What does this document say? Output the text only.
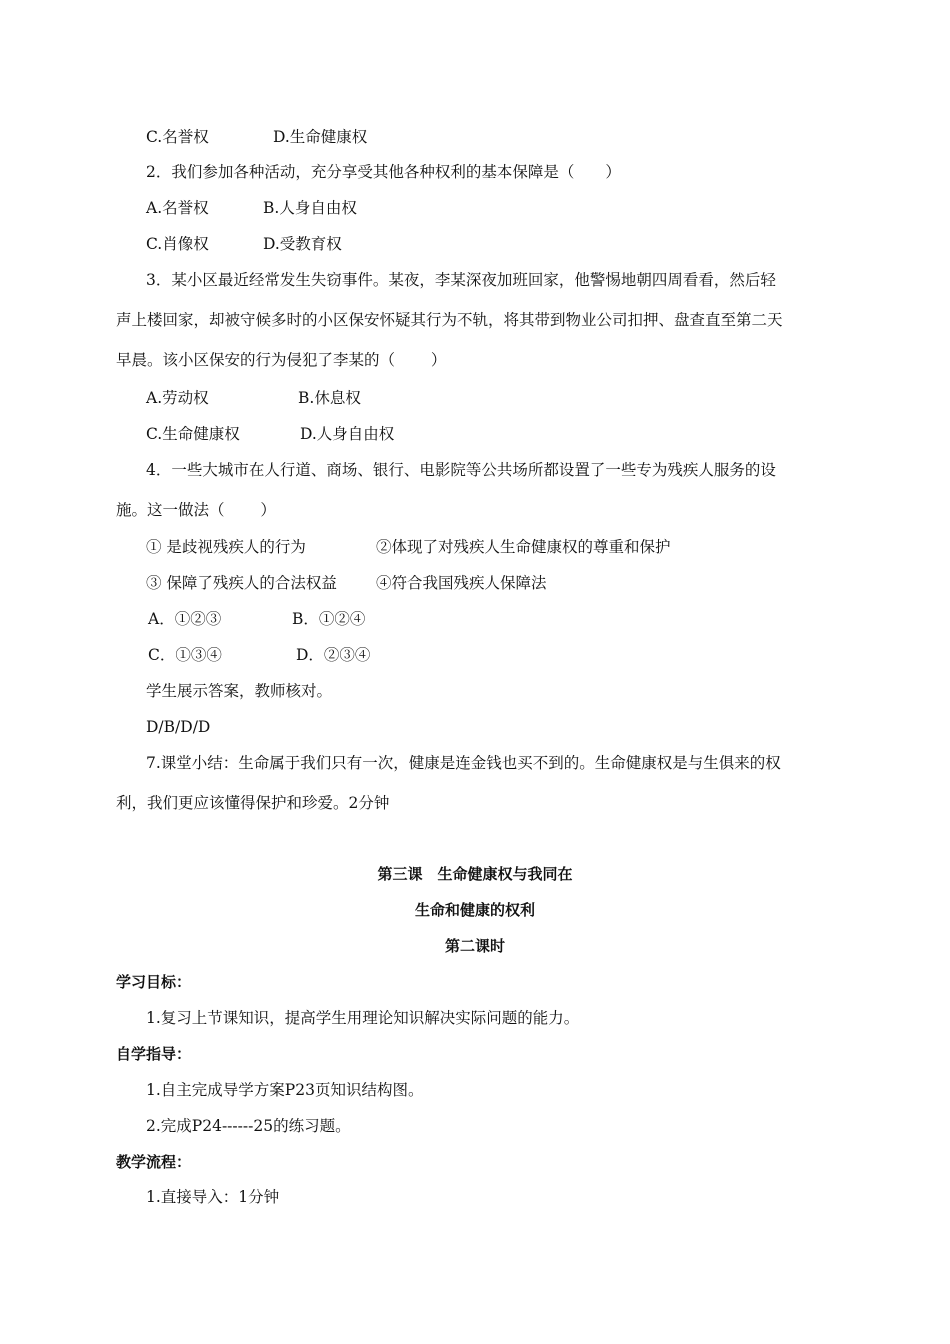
C.名誉权	D.生命健康权
2．我们参加各种活动，充分享受其他各种权利的基本保障是（　　）
A.名誉权	B.人身自由权
C.肖像权	D.受教育权
3．某小区最近经常发生失窃事件。某夜，李某深夜加班回家，他警惕地朝四周看看，然后轻
声上楼回家，却被守候多时的小区保安怀疑其行为不轨，将其带到物业公司扣押、盘查直至第二天
早晨。该小区保安的行为侵犯了李某的（　　 ）
A.劳动权	B.休息权
C.生命健康权	D.人身自由权
4．一些大城市在人行道、商场、银行、电影院等公共场所都设置了一些专为残疾人服务的设
施。这一做法（　　 ）
① 是歧视残疾人的行为	②体现了对残疾人生命健康权的尊重和保护
③ 保障了残疾人的合法权益	④符合我国残疾人保障法
A．①②③	B．①②④
C．①③④	D．②③④
学生展示答案，教师核对。
D/B/D/D
7.课堂小结：生命属于我们只有一次，健康是连金钱也买不到的。生命健康权是与生俱来的权
利，我们更应该懂得保护和珍爱。2分钟
第三课　生命健康权与我同在
生命和健康的权利
第二课时
学习目标：
1.复习上节课知识，提高学生用理论知识解决实际问题的能力。
自学指导：
1.自主完成导学方案P23页知识结构图。
2.完成P24------25的练习题。
教学流程：
1.直接导入：1分钟
